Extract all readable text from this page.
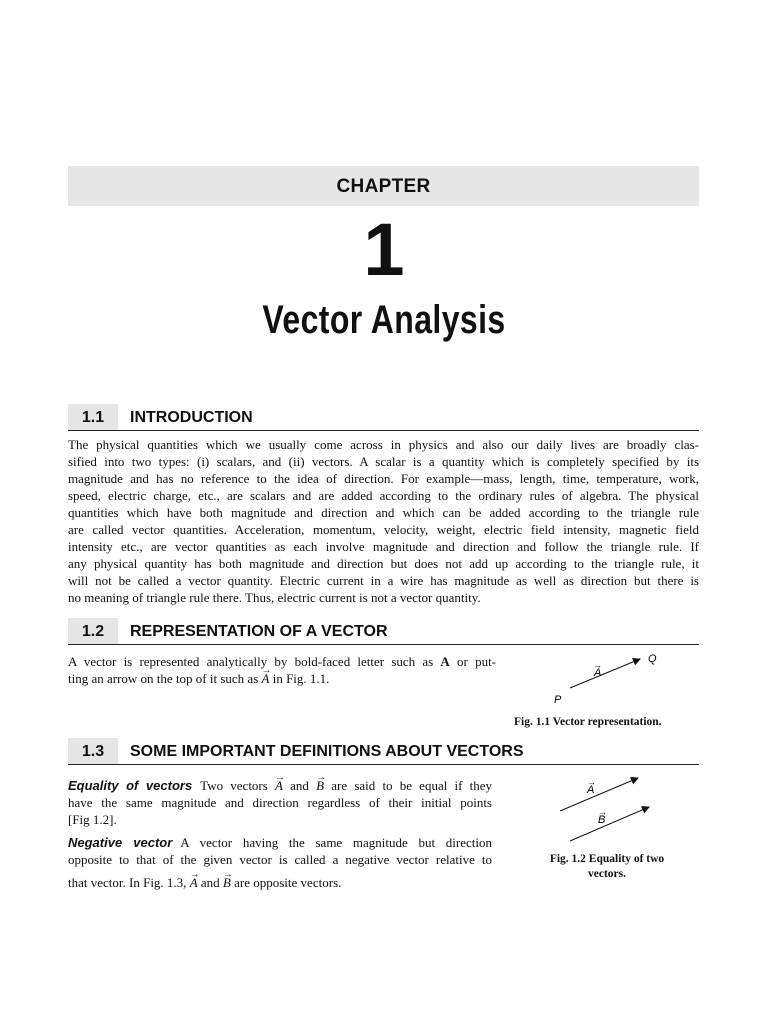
CHAPTER
1
Vector Analysis
1.1	INTRODUCTION
The physical quantities which we usually come across in physics and also our daily lives are broadly clas-
sified into two types: (i) scalars, and (ii) vectors. A scalar is a quantity which is completely specified by its
magnitude and has no reference to the idea of direction. For example—mass, length, time, temperature, work,
speed, electric charge, etc., are scalars and are added according to the ordinary rules of algebra. The physical
quantities which have both magnitude and direction and which can be added according to the triangle rule
are called vector quantities. Acceleration, momentum, velocity, weight, electric field intensity, magnetic field
intensity etc., are vector quantities as each involve magnitude and direction and follow the triangle rule. If
any physical quantity has both magnitude and direction but does not add up according to the triangle rule, it
will not be called a vector quantity. Electric current in a wire has magnitude as well as direction but there is
no meaning of triangle rule there. Thus, electric current is not a vector quantity.
1.2	REPRESENTATION OF A VECTOR
A vector is represented analytically by bold-faced letter such as A or put-
ting an arrow on the top of it such as → A in Fig. 1.1.
P
Q
A
→
Fig. 1.1 Vector representation.
1.3	SOME IMPORTANT DEFINITIONS ABOUT VECTORS
Equality of vectors Two vectors → A and → B are said to be equal if they
have the same magnitude and direction regardless of their initial points
[Fig 1.2].
Negative vector A vector having the same magnitude but direction
opposite to that of the given vector is called a negative vector relative to
that vector. In Fig. 1.3, → A and → B are opposite vectors.
A
→
B
→
Fig. 1.2 Equality of two
vectors.
